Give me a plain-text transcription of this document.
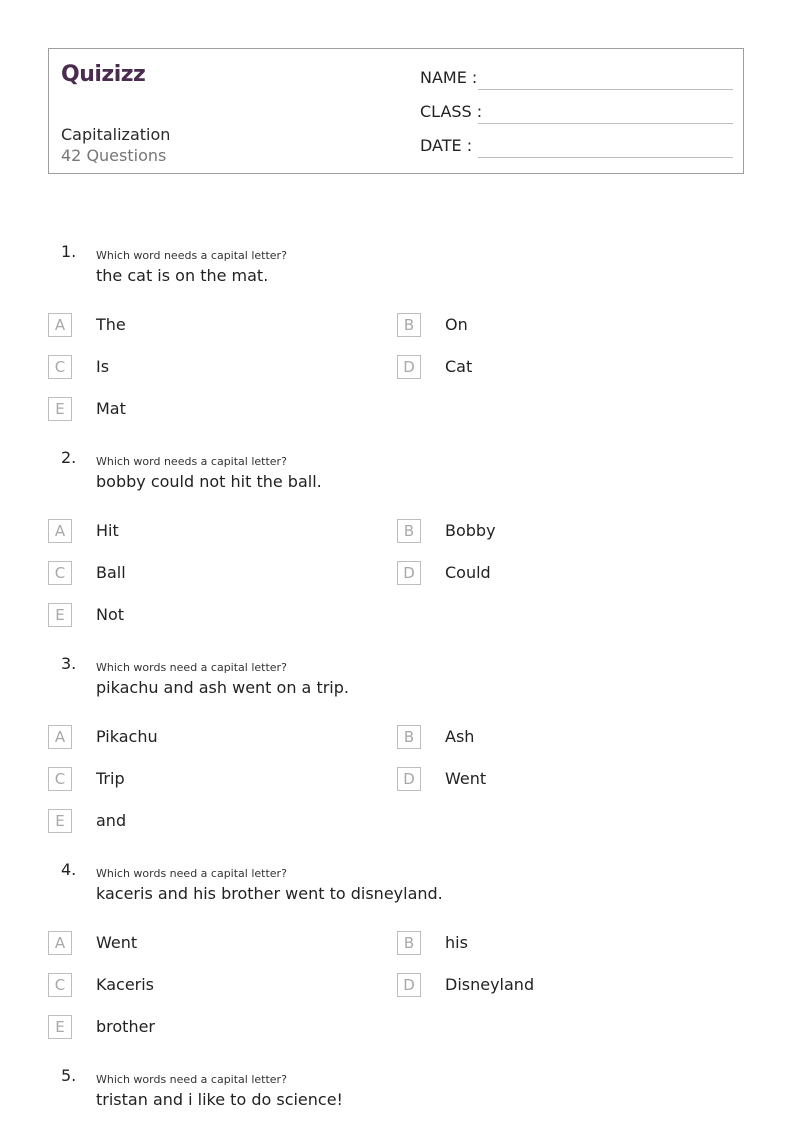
Quizizz
Capitalization
42 Questions
NAME :
CLASS :
DATE :
1. Which word needs a capital letter?
the cat is on the mat.
A	The	B	On
C	Is	D	Cat
E	Mat
2. Which word needs a capital letter?
bobby could not hit the ball.
A	Hit	B	Bobby
C	Ball	D	Could
E	Not
3. Which words need a capital letter?
pikachu and ash went on a trip.
A	Pikachu	B	Ash
C	Trip	D	Went
E	and
4. Which words need a capital letter?
kaceris and his brother went to disneyland.
A	Went	B	his
C	Kaceris	D	Disneyland
E	brother
5. Which words need a capital letter?
tristan and i like to do science!
